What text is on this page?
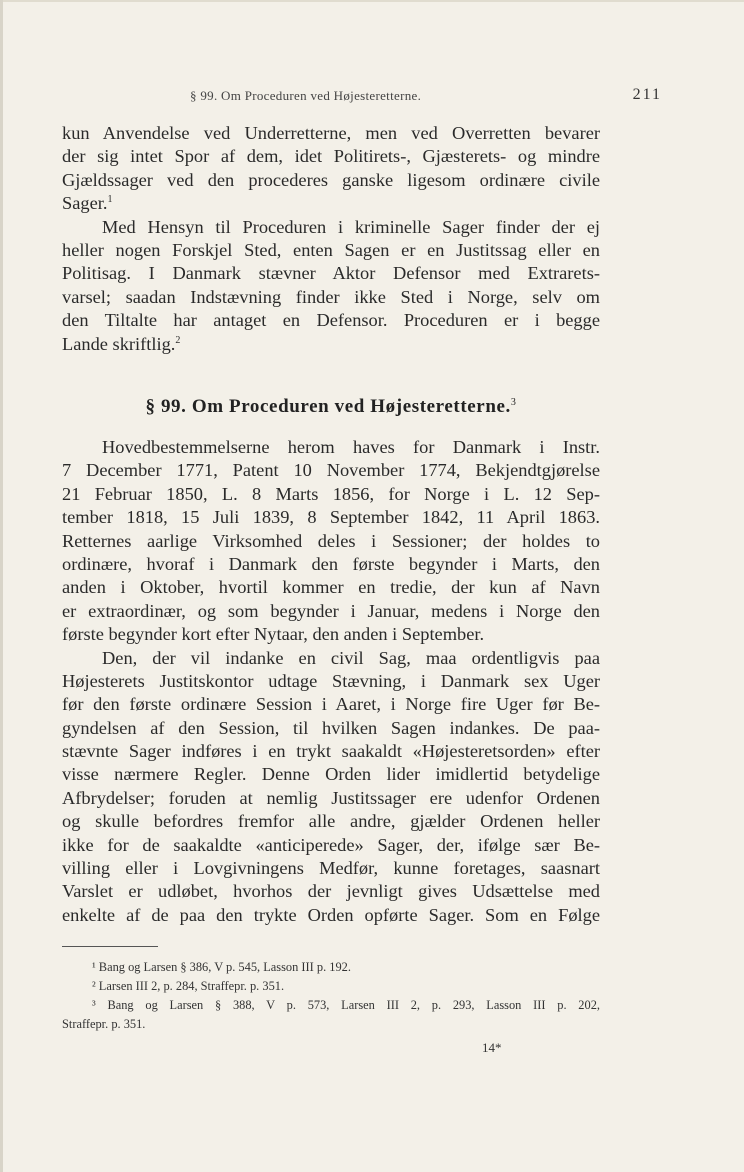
§ 99. Om Proceduren ved Højesteretterne.	211
kun Anvendelse ved Underretterne, men ved Overretten bevarer
der sig intet Spor af dem, idet Politirets-, Gjæsterets- og mindre
Gjældssager ved den procederes ganske ligesom ordinære civile
Sager.$^1$
Med Hensyn til Proceduren i kriminelle Sager finder der ej
heller nogen Forskjel Sted, enten Sagen er en Justitssag eller en
Politisag. I Danmark stævner Aktor Defensor med Extrarets-
varsel; saadan Indstævning finder ikke Sted i Norge, selv om
den Tiltalte har antaget en Defensor. Proceduren er i begge
Lande skriftlig.$^2$
§ 99. Om Proceduren ved Højesteretterne.$^3$
Hovedbestemmelserne herom haves for Danmark i Instr.
7 December 1771, Patent 10 November 1774, Bekjendtgjørelse
21 Februar 1850, L. 8 Marts 1856, for Norge i L. 12 Sep-
tember 1818, 15 Juli 1839, 8 September 1842, 11 April 1863.
Retternes aarlige Virksomhed deles i Sessioner; der holdes to
ordinære, hvoraf i Danmark den første begynder i Marts, den
anden i Oktober, hvortil kommer en tredie, der kun af Navn
er extraordinær, og som begynder i Januar, medens i Norge den
første begynder kort efter Nytaar, den anden i September.
Den, der vil indanke en civil Sag, maa ordentligvis paa
Højesterets Justitskontor udtage Stævning, i Danmark sex Uger
før den første ordinære Session i Aaret, i Norge fire Uger før Be-
gyndelsen af den Session, til hvilken Sagen indankes. De paa-
stævnte Sager indføres i en trykt saakaldt «Højesteretsorden» efter
visse nærmere Regler. Denne Orden lider imidlertid betydelige
Afbrydelser; foruden at nemlig Justitssager ere udenfor Ordenen
og skulle befordres fremfor alle andre, gjælder Ordenen heller
ikke for de saakaldte «anticiperede» Sager, der, ifølge sær Be-
villing eller i Lovgivningens Medfør, kunne foretages, saasnart
Varslet er udløbet, hvorhos der jevnligt gives Udsættelse med
enkelte af de paa den trykte Orden opførte Sager. Som en Følge
¹ Bang og Larsen § 386, V p. 545, Lasson III p. 192.
² Larsen III 2, p. 284, Straffepr. p. 351.
³ Bang og Larsen § 388, V p. 573, Larsen III 2, p. 293, Lasson III p. 202,
Straffepr. p. 351.
14*
